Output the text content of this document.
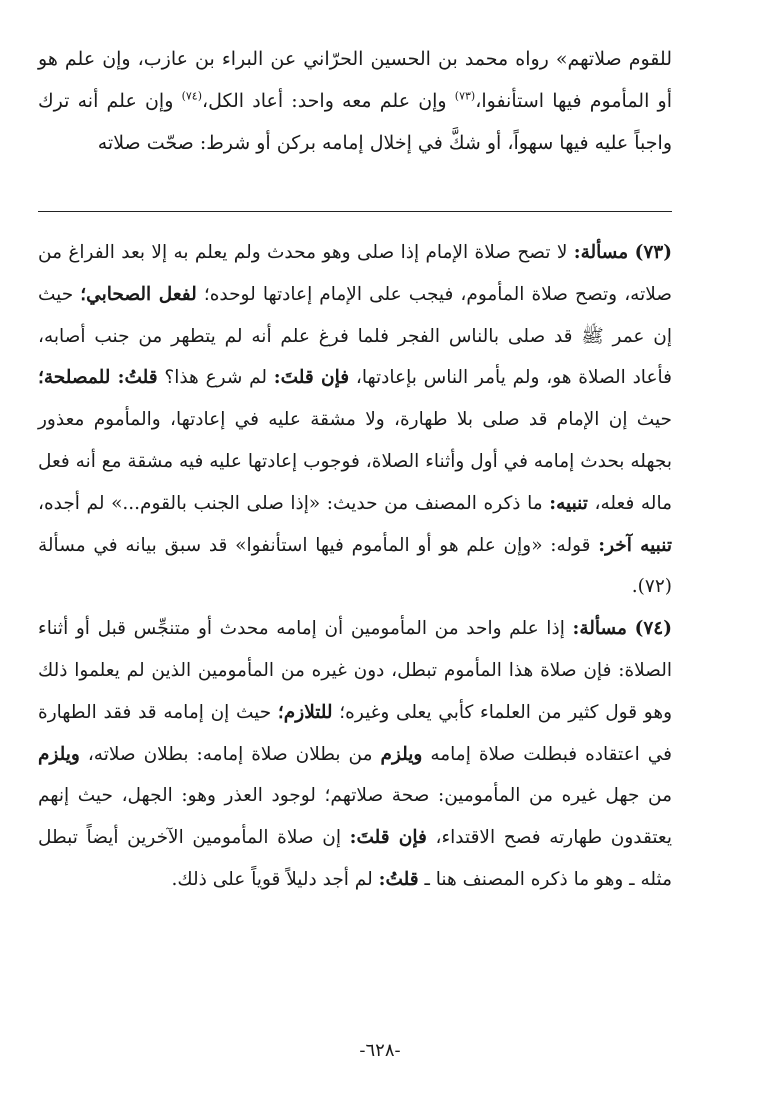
للقوم صلاتهم» رواه محمد بن الحسين الحرّاني عن البراء بن عازب، وإن علم هو أو المأموم فيها استأنفوا،$^{(٧٣)}$ وإن علم معه واحد: أعاد الكل،$^{(٧٤)}$ وإن علم أنه ترك واجباً عليه فيها سهواً، أو شكَّ في إخلال إمامه بركن أو شرط: صحّت صلاته

(٧٣) مسألة: لا تصح صلاة الإمام إذا صلى وهو محدث ولم يعلم به إلا بعد الفراغ من صلاته، وتصح صلاة المأموم، فيجب على الإمام إعادتها لوحده؛ لفعل الصحابي؛ حيث إن عمر ﷺ قد صلى بالناس الفجر فلما فرغ علم أنه لم يتطهر من جنب أصابه، فأعاد الصلاة هو، ولم يأمر الناس بإعادتها، فإن قلتَ: لم شرع هذا؟ قلتُ: للمصلحة؛ حيث إن الإمام قد صلى بلا طهارة، ولا مشقة عليه في إعادتها، والمأموم معذور بجهله بحدث إمامه في أول وأثناء الصلاة، فوجوب إعادتها عليه فيه مشقة مع أنه فعل ماله فعله، تنبيه: ما ذكره المصنف من حديث: «إذا صلى الجنب بالقوم...» لم أجده، تنبيه آخر: قوله: «وإن علم هو أو المأموم فيها استأنفوا» قد سبق بيانه في مسألة (٧٢).

(٧٤) مسألة: إذا علم واحد من المأمومين أن إمامه محدث أو متنجِّس قبل أو أثناء الصلاة: فإن صلاة هذا المأموم تبطل، دون غيره من المأمومين الذين لم يعلموا ذلك وهو قول كثير من العلماء كأبي يعلى وغيره؛ للتلازم؛ حيث إن إمامه قد فقد الطهارة في اعتقاده فبطلت صلاة إمامه ويلزم من بطلان صلاة إمامه: بطلان صلاته، ويلزم من جهل غيره من المأمومين: صحة صلاتهم؛ لوجود العذر وهو: الجهل، حيث إنهم يعتقدون طهارته فصح الاقتداء، فإن قلتَ: إن صلاة المأمومين الآخرين أيضاً تبطل مثله ـ وهو ما ذكره المصنف هنا ـ قلتُ: لم أجد دليلاً قوياً على ذلك.

-٦٢٨-
